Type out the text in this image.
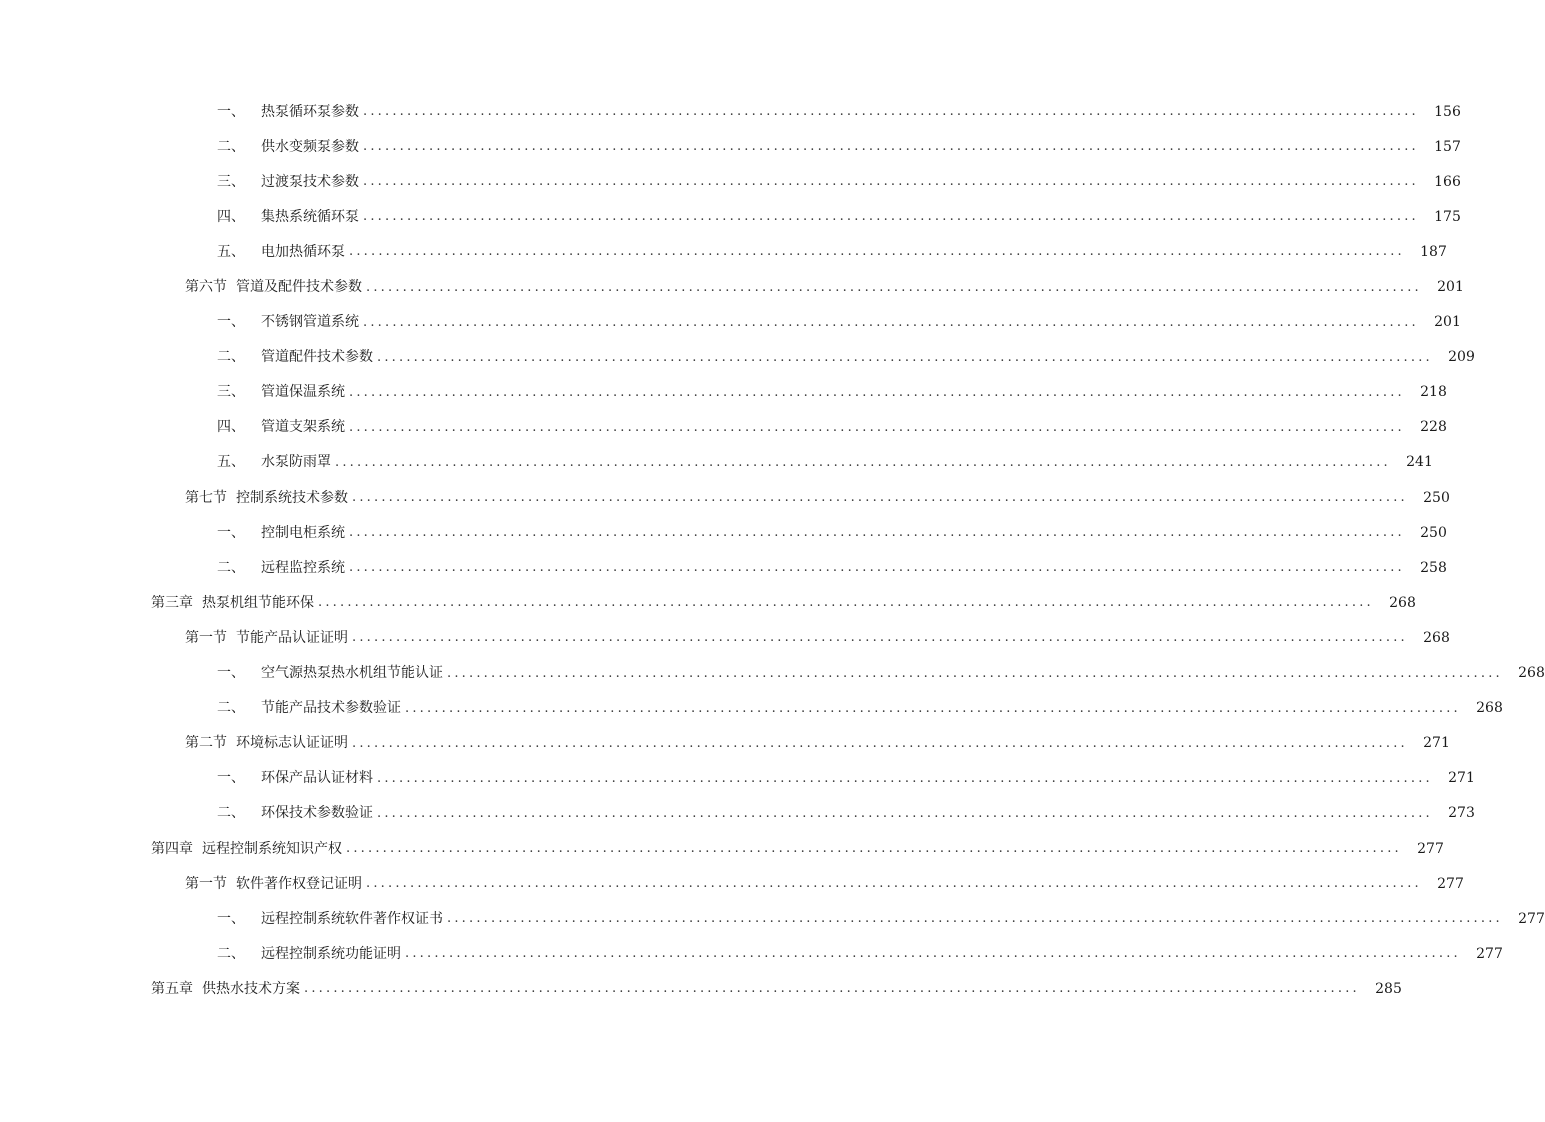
一、 热泵循环泵参数 ................................................................................................................................................	156
二、 供水变频泵参数 ................................................................................................................................................	157
三、 过渡泵技术参数 ................................................................................................................................................	166
四、 集热系统循环泵 ................................................................................................................................................	175
五、 电加热循环泵 ................................................................................................................................................	187
第六节 管道及配件技术参数 ................................................................................................................................................	201
一、 不锈钢管道系统 ................................................................................................................................................	201
二、 管道配件技术参数 ................................................................................................................................................	209
三、 管道保温系统 ................................................................................................................................................	218
四、 管道支架系统 ................................................................................................................................................	228
五、 水泵防雨罩 ................................................................................................................................................	241
第七节 控制系统技术参数 ................................................................................................................................................	250
一、 控制电柜系统 ................................................................................................................................................	250
二、 远程监控系统 ................................................................................................................................................	258
第三章 热泵机组节能环保 ................................................................................................................................................	268
第一节 节能产品认证证明 ................................................................................................................................................	268
一、 空气源热泵热水机组节能认证 ................................................................................................................................................	268
二、 节能产品技术参数验证 ................................................................................................................................................	268
第二节 环境标志认证证明 ................................................................................................................................................	271
一、 环保产品认证材料 ................................................................................................................................................	271
二、 环保技术参数验证 ................................................................................................................................................	273
第四章 远程控制系统知识产权 ................................................................................................................................................	277
第一节 软件著作权登记证明 ................................................................................................................................................	277
一、 远程控制系统软件著作权证书 ................................................................................................................................................	277
二、 远程控制系统功能证明 ................................................................................................................................................	277
第五章 供热水技术方案 ................................................................................................................................................	285
